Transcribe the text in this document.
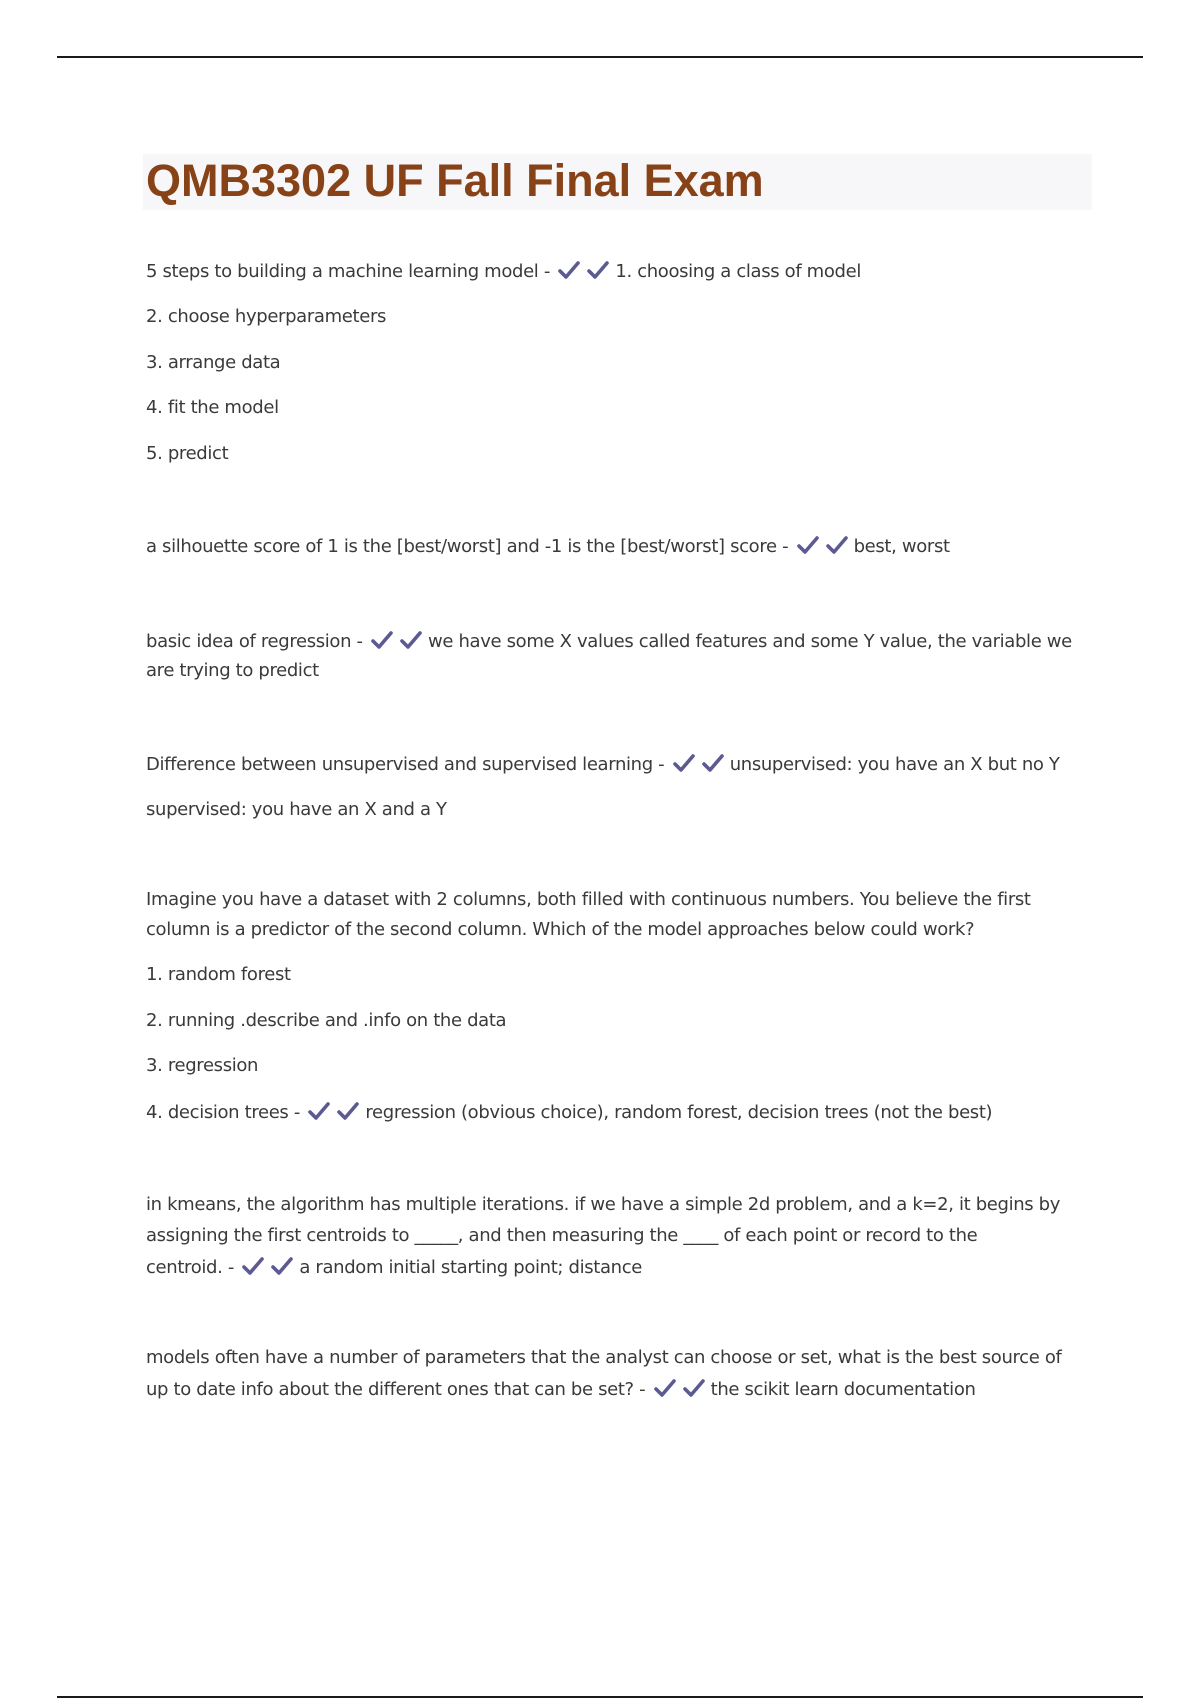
QMB3302 UF Fall Final Exam
5 steps to building a machine learning model -	1. choosing a class of model
2. choose hyperparameters
3. arrange data
4. fit the model
5. predict
a silhouette score of 1 is the [best/worst] and -1 is the [best/worst] score -	best, worst
basic idea of regression -	we have some X values called features and some Y value, the variable we
are trying to predict
Difference between unsupervised and supervised learning -	unsupervised: you have an X but no Y
supervised: you have an X and a Y
Imagine you have a dataset with 2 columns, both filled with continuous numbers. You believe the first
column is a predictor of the second column. Which of the model approaches below could work?
1. random forest
2. running .describe and .info on the data
3. regression
4. decision trees -	regression (obvious choice), random forest, decision trees (not the best)
in kmeans, the algorithm has multiple iterations. if we have a simple 2d problem, and a k=2, it begins by
assigning the first centroids to _____, and then measuring the ____ of each point or record to the
centroid. -	a random initial starting point; distance
models often have a number of parameters that the analyst can choose or set, what is the best source of
up to date info about the different ones that can be set? -	the scikit learn documentation
